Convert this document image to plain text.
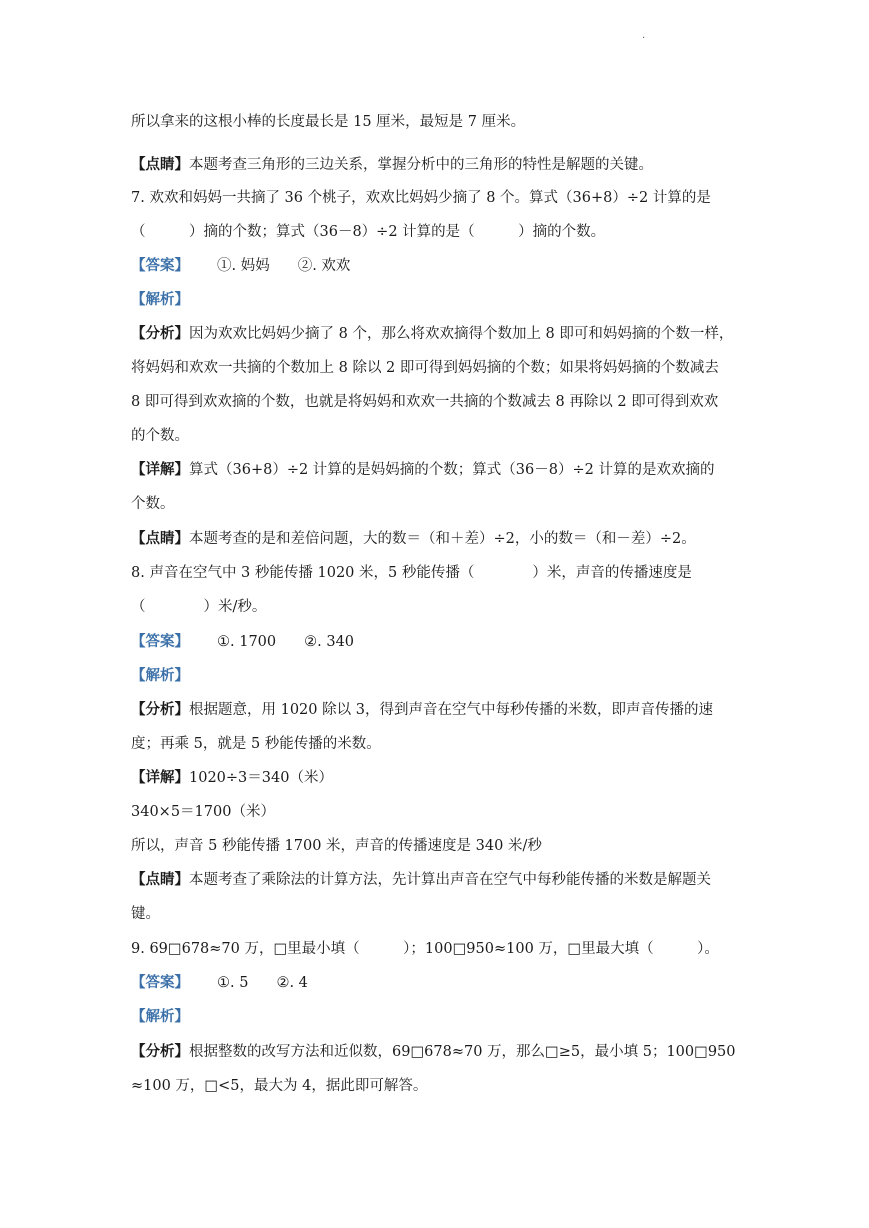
.
所以拿来的这根小棒的长度最长是 15 厘米，最短是 7 厘米。
【点睛】本题考查三角形的三边关系，掌握分析中的三角形的特性是解题的关键。
7. 欢欢和妈妈一共摘了 36 个桃子，欢欢比妈妈少摘了 8 个。算式（36+8）÷2 计算的是
（　　　）摘的个数；算式（36－8）÷2 计算的是（　　　）摘的个数。
【答案】 ①. 妈妈 ②. 欢欢
【解析】
【分析】因为欢欢比妈妈少摘了 8 个，那么将欢欢摘得个数加上 8 即可和妈妈摘的个数一样，
将妈妈和欢欢一共摘的个数加上 8 除以 2 即可得到妈妈摘的个数；如果将妈妈摘的个数减去
8 即可得到欢欢摘的个数，也就是将妈妈和欢欢一共摘的个数减去 8 再除以 2 即可得到欢欢
的个数。
【详解】算式（36+8）÷2 计算的是妈妈摘的个数；算式（36－8）÷2 计算的是欢欢摘的
个数。
【点睛】本题考查的是和差倍问题，大的数＝（和＋差）÷2，小的数＝（和－差）÷2。
8. 声音在空气中 3 秒能传播 1020 米，5 秒能传播（　　　　）米，声音的传播速度是
（　　　　）米/秒。
【答案】 ①. 1700 ②. 340
【解析】
【分析】根据题意，用 1020 除以 3，得到声音在空气中每秒传播的米数，即声音传播的速
度；再乘 5，就是 5 秒能传播的米数。
【详解】1020÷3＝340（米）
340×5＝1700（米）
所以，声音 5 秒能传播 1700 米，声音的传播速度是 340 米/秒
【点睛】本题考查了乘除法的计算方法，先计算出声音在空气中每秒能传播的米数是解题关
键。
9. 69□678≈70 万，□里最小填（　　　）；100□950≈100 万，□里最大填（　　　）。
【答案】 ①. 5 ②. 4
【解析】
【分析】根据整数的改写方法和近似数，69□678≈70 万，那么□≥5，最小填 5；100□950
≈100 万，□<5，最大为 4，据此即可解答。
